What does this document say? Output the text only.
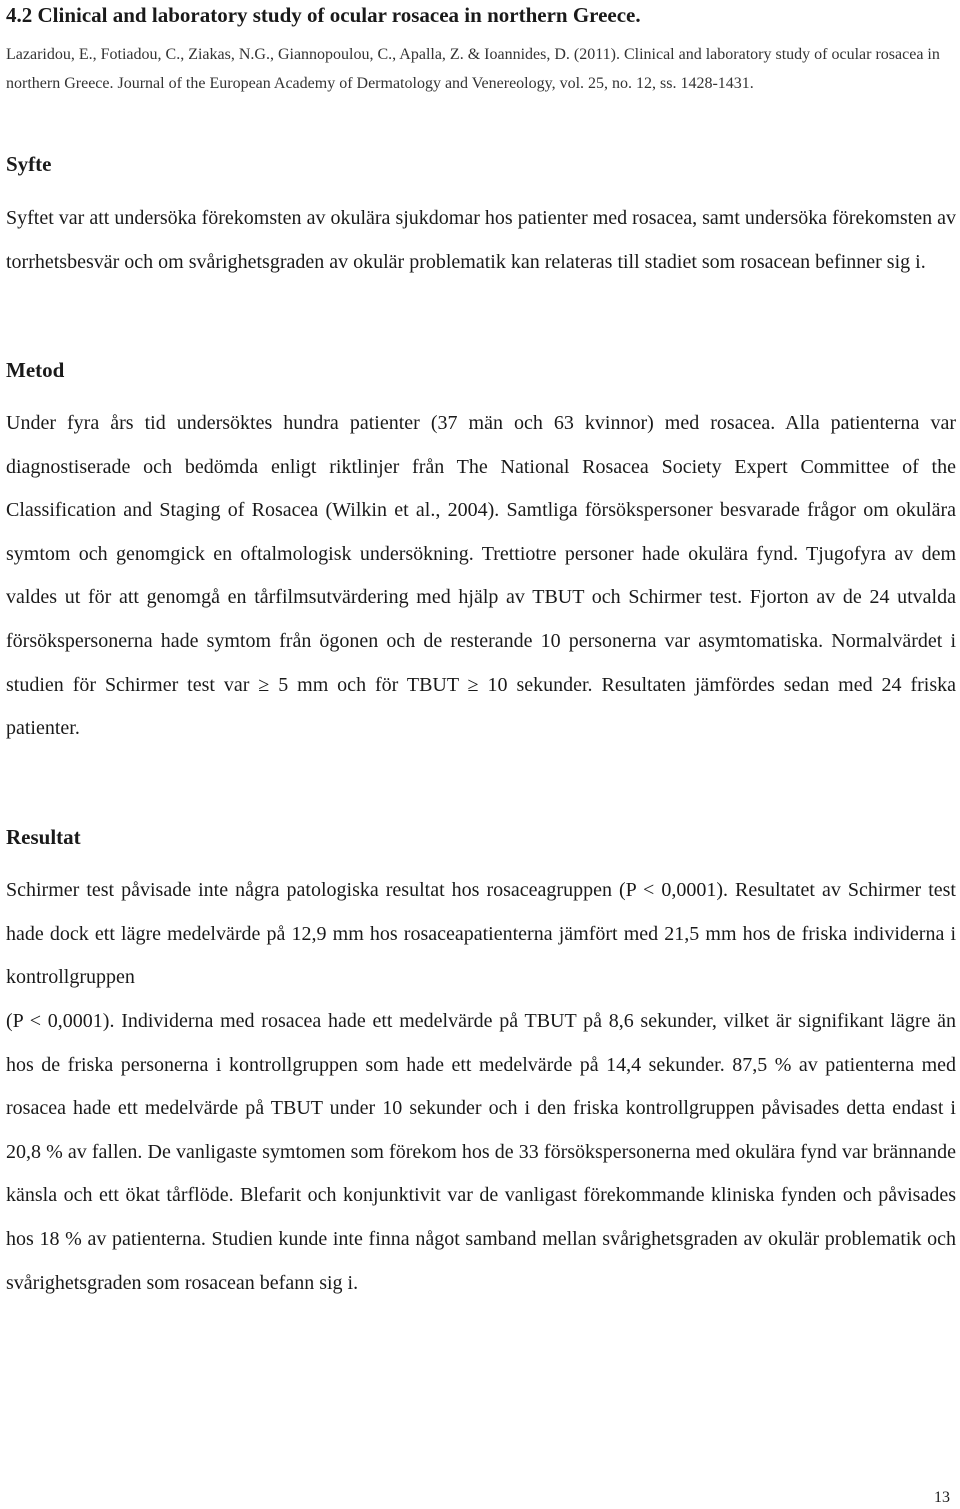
4.2 Clinical and laboratory study of ocular rosacea in northern Greece.

Lazaridou, E., Fotiadou, C., Ziakas, N.G., Giannopoulou, C., Apalla, Z. & Ioannides, D. (2011). Clinical and laboratory study of ocular rosacea in northern Greece. Journal of the European Academy of Dermatology and Venereology, vol. 25, no. 12, ss. 1428-1431.

Syfte

Syftet var att undersöka förekomsten av okulära sjukdomar hos patienter med rosacea, samt undersöka förekomsten av torrhetsbesvär och om svårighetsgraden av okulär problematik kan relateras till stadiet som rosacean befinner sig i.

Metod

Under fyra års tid undersöktes hundra patienter (37 män och 63 kvinnor) med rosacea. Alla patienterna var diagnostiserade och bedömda enligt riktlinjer från The National Rosacea Society Expert Committee of the Classification and Staging of Rosacea (Wilkin et al., 2004). Samtliga försökspersoner besvarade frågor om okulära symtom och genomgick en oftalmologisk undersökning. Trettiotre personer hade okulära fynd. Tjugofyra av dem valdes ut för att genomgå en tårfilmsutvärdering med hjälp av TBUT och Schirmer test. Fjorton av de 24 utvalda försökspersonerna hade symtom från ögonen och de resterande 10 personerna var asymtomatiska. Normalvärdet i studien för Schirmer test var ≥ 5 mm och för TBUT ≥ 10 sekunder. Resultaten jämfördes sedan med 24 friska patienter.

Resultat

Schirmer test påvisade inte några patologiska resultat hos rosaceagruppen (P < 0,0001). Resultatet av Schirmer test hade dock ett lägre medelvärde på 12,9 mm hos rosaceapatienterna jämfört med 21,5 mm hos de friska individerna i kontrollgruppen

(P < 0,0001). Individerna med rosacea hade ett medelvärde på TBUT på 8,6 sekunder, vilket är signifikant lägre än hos de friska personerna i kontrollgruppen som hade ett medelvärde på 14,4 sekunder. 87,5 % av patienterna med rosacea hade ett medelvärde på TBUT under 10 sekunder och i den friska kontrollgruppen påvisades detta endast i 20,8 % av fallen. De vanligaste symtomen som förekom hos de 33 försökspersonerna med okulära fynd var brännande känsla och ett ökat tårflöde. Blefarit och konjunktivit var de vanligast förekommande kliniska fynden och påvisades hos 18 % av patienterna. Studien kunde inte finna något samband mellan svårighetsgraden av okulär problematik och svårighetsgraden som rosacean befann sig i.

13
